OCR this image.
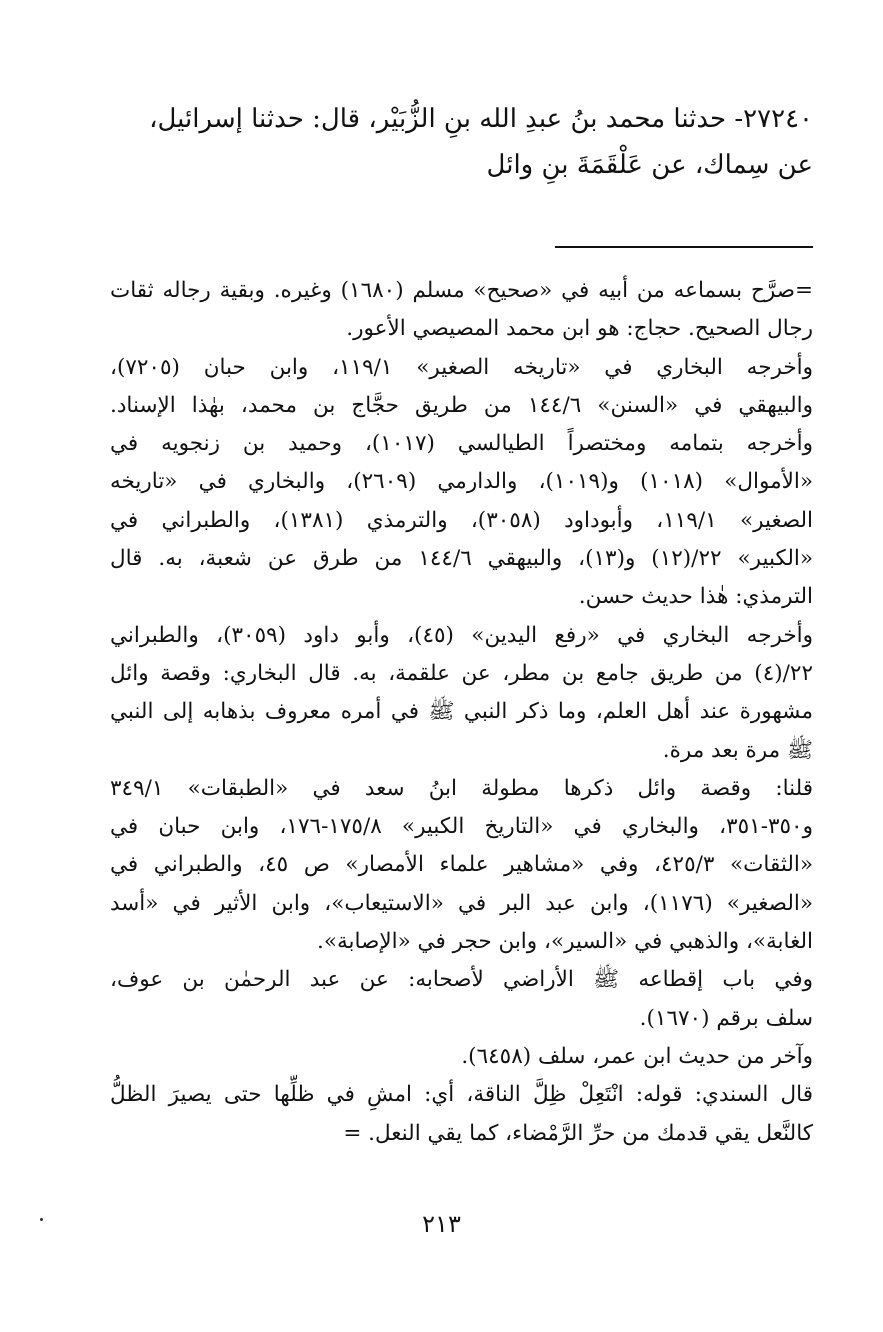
٢٧٢٤٠- حدثنا محمد بنُ عبدِ الله بنِ الزُّبَيْر، قال: حدثنا إسرائيل،
عن سِماك، عن عَلْقَمَةَ بنِ وائل
=صرَّح بسماعه من أبيه في «صحيح» مسلم (١٦٨٠) وغيره. وبقية رجاله ثقات
رجال الصحيح. حجاج: هو ابن محمد المصيصي الأعور.
وأخرجه البخاري في «تاريخه الصغير» ١١٩/١، وابن حبان (٧٢٠٥)،
والبيهقي في «السنن» ١٤٤/٦ من طريق حجَّاج بن محمد، بهٰذا الإسناد.
وأخرجه بتمامه ومختصراً الطيالسي (١٠١٧)، وحميد بن زنجويه في
«الأموال» (١٠١٨) و(١٠١٩)، والدارمي (٢٦٠٩)، والبخاري في «تاريخه
الصغير» ١١٩/١، وأبوداود (٣٠٥٨)، والترمذي (١٣٨١)، والطبراني في
«الكبير» ٢٢/(١٢) و(١٣)، والبيهقي ١٤٤/٦ من طرق عن شعبة، به. قال
الترمذي: هٰذا حديث حسن.
وأخرجه البخاري في «رفع اليدين» (٤٥)، وأبو داود (٣٠٥٩)، والطبراني
٢٢/(٤) من طريق جامع بن مطر، عن علقمة، به. قال البخاري: وقصة وائل
مشهورة عند أهل العلم، وما ذكر النبي ﷺ في أمره معروف بذهابه إلى النبي
ﷺ مرة بعد مرة.
قلنا: وقصة وائل ذكرها مطولة ابنُ سعد في «الطبقات» ٣٤٩/١
و٣٥٠-٣٥١، والبخاري في «التاريخ الكبير» ١٧٥/٨-١٧٦، وابن حبان في
«الثقات» ٤٢٥/٣، وفي «مشاهير علماء الأمصار» ص ٤٥، والطبراني في
«الصغير» (١١٧٦)، وابن عبد البر في «الاستيعاب»، وابن الأثير في «أسد
الغابة»، والذهبي في «السير»، وابن حجر في «الإصابة».
وفي باب إقطاعه ﷺ الأراضي لأصحابه: عن عبد الرحمٰن بن عوف،
سلف برقم (١٦٧٠).
وآخر من حديث ابن عمر، سلف (٦٤٥٨).
قال السندي: قوله: انْتَعِلْ ظِلَّ الناقة، أي: امشِ في ظلِّها حتى يصيرَ الظلُّ
كالنَّعل يقي قدمك من حرِّ الرَّمْضاء، كما يقي النعل. =
٢١٣
